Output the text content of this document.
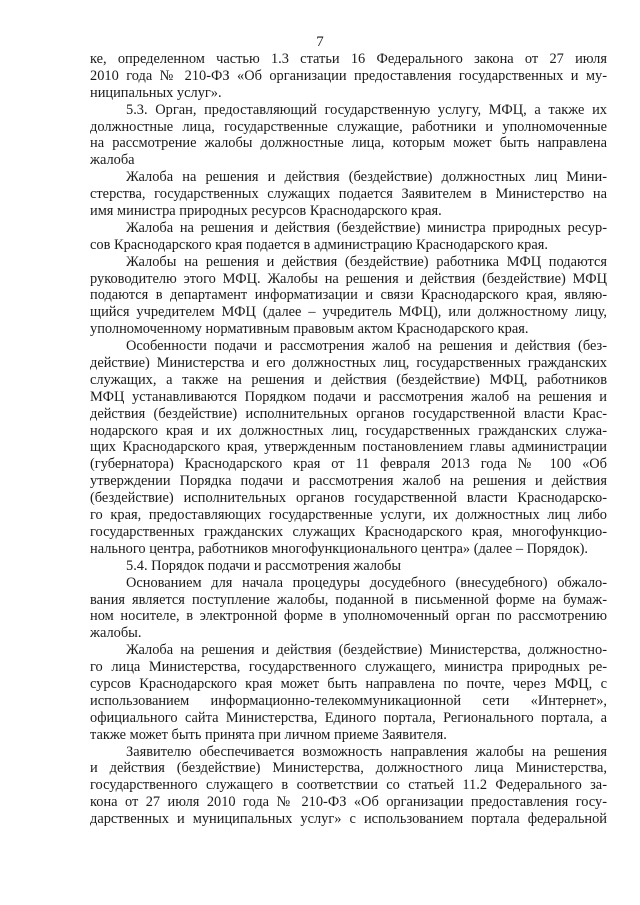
7
ке, определенном частью 1.3 статьи 16 Федерального закона от 27 июля
2010 года № 210-ФЗ «Об организации предоставления государственных и му-
ниципальных услуг».
5.3. Орган, предоставляющий государственную услугу, МФЦ, а также их
должностные лица, государственные служащие, работники и уполномоченные
на рассмотрение жалобы должностные лица, которым может быть направлена
жалоба
Жалоба на решения и действия (бездействие) должностных лиц Мини-
стерства, государственных служащих подается Заявителем в Министерство на
имя министра природных ресурсов Краснодарского края.
Жалоба на решения и действия (бездействие) министра природных ресур-
сов Краснодарского края подается в администрацию Краснодарского края.
Жалобы на решения и действия (бездействие) работника МФЦ подаются
руководителю этого МФЦ. Жалобы на решения и действия (бездействие) МФЦ
подаются в департамент информатизации и связи Краснодарского края, являю-
щийся учредителем МФЦ (далее – учредитель МФЦ), или должностному лицу,
уполномоченному нормативным правовым актом Краснодарского края.
Особенности подачи и рассмотрения жалоб на решения и действия (без-
действие) Министерства и его должностных лиц, государственных гражданских
служащих, а также на решения и действия (бездействие) МФЦ, работников
МФЦ устанавливаются Порядком подачи и рассмотрения жалоб на решения и
действия (бездействие) исполнительных органов государственной власти Крас-
нодарского края и их должностных лиц, государственных гражданских служа-
щих Краснодарского края, утвержденным постановлением главы администрации
(губернатора) Краснодарского края от 11 февраля 2013 года № 100 «Об
утверждении Порядка подачи и рассмотрения жалоб на решения и действия
(бездействие) исполнительных органов государственной власти Краснодарско-
го края, предоставляющих государственные услуги, их должностных лиц либо
государственных гражданских служащих Краснодарского края, многофункцио-
нального центра, работников многофункционального центра» (далее – Порядок).
5.4. Порядок подачи и рассмотрения жалобы
Основанием для начала процедуры досудебного (внесудебного) обжало-
вания является поступление жалобы, поданной в письменной форме на бумаж-
ном носителе, в электронной форме в уполномоченный орган по рассмотрению
жалобы.
Жалоба на решения и действия (бездействие) Министерства, должностно-
го лица Министерства, государственного служащего, министра природных ре-
сурсов Краснодарского края может быть направлена по почте, через МФЦ, с
использованием информационно-телекоммуникационной сети «Интернет»,
официального сайта Министерства, Единого портала, Регионального портала, а
также может быть принята при личном приеме Заявителя.
Заявителю обеспечивается возможность направления жалобы на решения
и действия (бездействие) Министерства, должностного лица Министерства,
государственного служащего в соответствии со статьей 11.2 Федерального за-
кона от 27 июля 2010 года № 210-ФЗ «Об организации предоставления госу-
дарственных и муниципальных услуг» с использованием портала федеральной
